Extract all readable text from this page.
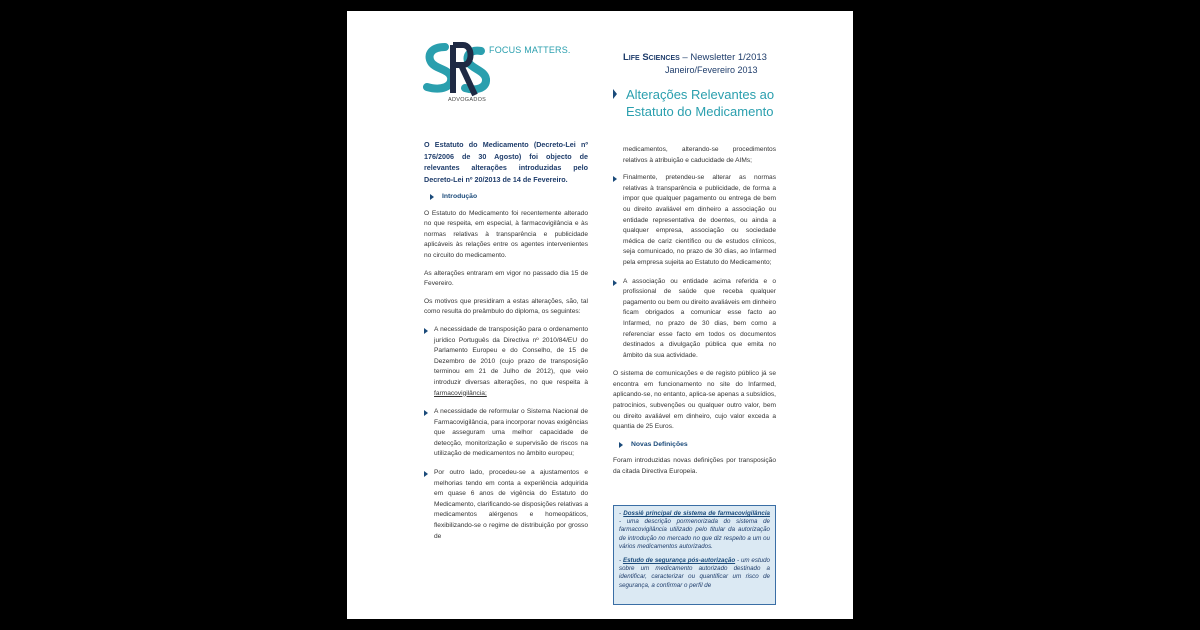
FOCUS MATTERS.
ADVOGADOS
Life Sciences – Newsletter 1/2013
Janeiro/Fevereiro 2013
Alterações Relevantes ao Estatuto do Medicamento
O Estatuto do Medicamento (Decreto-Lei nº 176/2006 de 30 Agosto) foi objecto de relevantes alterações introduzidas pelo Decreto-Lei nº 20/2013 de 14 de Fevereiro.
Introdução

O Estatuto do Medicamento foi recentemente alterado no que respeita, em especial, à farmacovigilância e às normas relativas à transparência e publicidade aplicáveis às relações entre os agentes intervenientes no circuito do medicamento.

As alterações entraram em vigor no passado dia 15 de Fevereiro.

Os motivos que presidiram a estas alterações, são, tal como resulta do preâmbulo do diploma, os seguintes:

A necessidade de transposição para o ordenamento jurídico Português da Directiva nº 2010/84/EU do Parlamento Europeu e do Conselho, de 15 de Dezembro de 2010 (cujo prazo de transposição terminou em 21 de Julho de 2012), que veio introduzir diversas alterações, no que respeita à farmacovigilância;

A necessidade de reformular o Sistema Nacional de Farmacovigilância, para incorporar novas exigências que asseguram uma melhor capacidade de detecção, monitorização e supervisão de riscos na utilização de medicamentos no âmbito europeu;

Por outro lado, procedeu-se a ajustamentos e melhorias tendo em conta a experiência adquirida em quase 6 anos de vigência do Estatuto do Medicamento, clarificando-se disposições relativas a medicamentos alérgenos e homeopáticos, flexibilizando-se o regime de distribuição por grosso de

medicamentos, alterando-se procedimentos relativos à atribuição e caducidade de AIMs;

Finalmente, pretendeu-se alterar as normas relativas à transparência e publicidade, de forma a impor que qualquer pagamento ou entrega de bem ou direito avaliável em dinheiro a associação ou entidade representativa de doentes, ou ainda a qualquer empresa, associação ou sociedade médica de cariz científico ou de estudos clínicos, seja comunicado, no prazo de 30 dias, ao Infarmed pela empresa sujeita ao Estatuto do Medicamento;

A associação ou entidade acima referida e o profissional de saúde que receba qualquer pagamento ou bem ou direito avaliáveis em dinheiro ficam obrigados a comunicar esse facto ao Infarmed, no prazo de 30 dias, bem como a referenciar esse facto em todos os documentos destinados a divulgação pública que emita no âmbito da sua actividade.

O sistema de comunicações e de registo público já se encontra em funcionamento no site do Infarmed, aplicando-se, no entanto, aplica-se apenas a subsídios, patrocínios, subvenções ou qualquer outro valor, bem ou direito avaliável em dinheiro, cujo valor exceda a quantia de 25 Euros.

Novas Definições

Foram introduzidas novas definições por transposição da citada Directiva Europeia.

- Dossiê principal de sistema de farmacovigilância - uma descrição pormenorizada do sistema de farmacovigilância utilizado pelo titular da autorização de introdução no mercado no que diz respeito a um ou vários medicamentos autorizados.

- Estudo de segurança pós-autorização - um estudo sobre um medicamento autorizado destinado a identificar, caracterizar ou quantificar um risco de segurança, a confirmar o perfil de
